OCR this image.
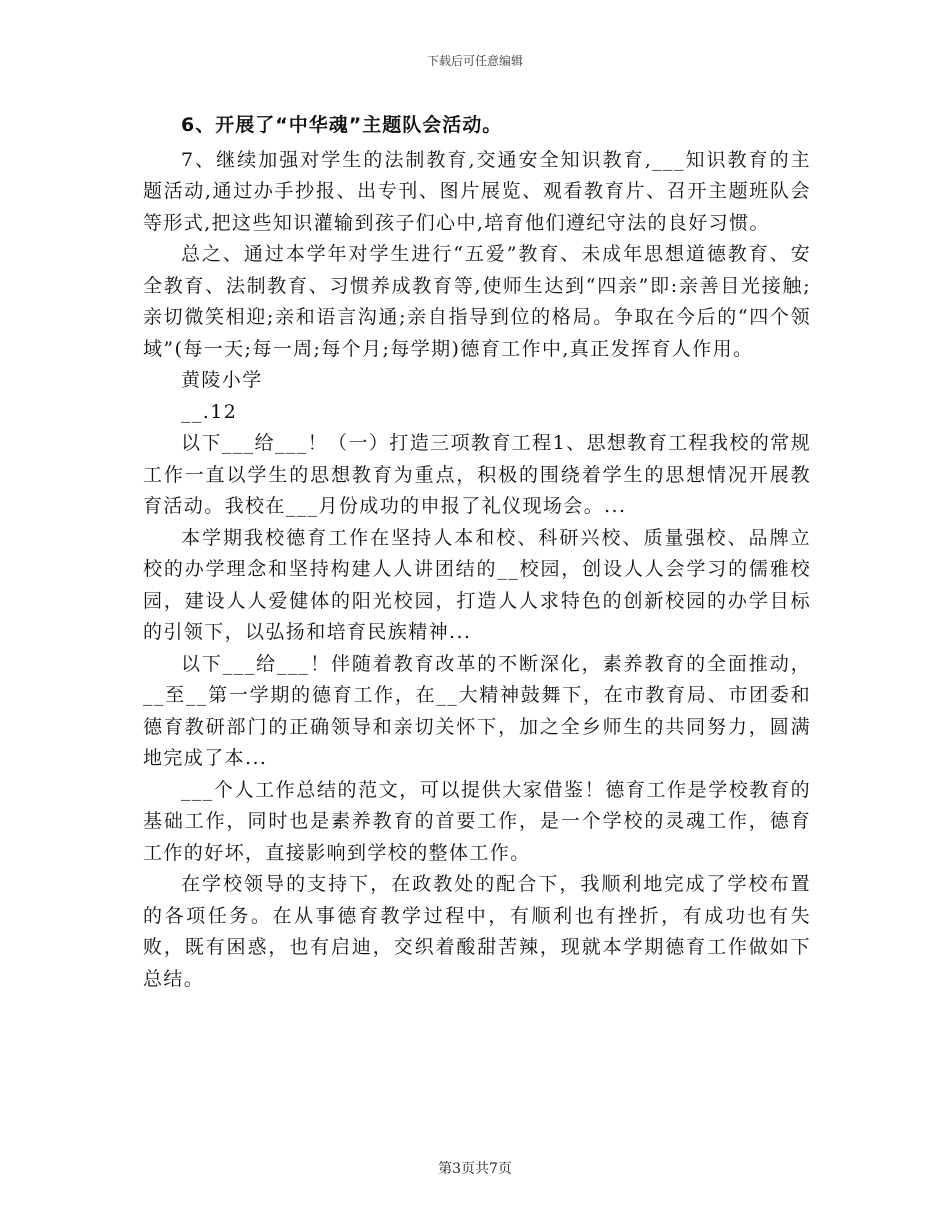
下载后可任意编辑

6、开展了“中华魂”主题队会活动。

7、继续加强对学生的法制教育,交通安全知识教育,___知识教育的主题活动,通过办手抄报、出专刊、图片展览、观看教育片、召开主题班队会等形式,把这些知识灌输到孩子们心中,培育他们遵纪守法的良好习惯。

总之、通过本学年对学生进行“五爱”教育、未成年思想道德教育、安全教育、法制教育、习惯养成教育等,使师生达到“四亲”即:亲善目光接触;亲切微笑相迎;亲和语言沟通;亲自指导到位的格局。争取在今后的“四个领域”(每一天;每一周;每个月;每学期)德育工作中,真正发挥育人作用。

黄陵小学

__.12

以下___给___！（一）打造三项教育工程1、思想教育工程我校的常规工作一直以学生的思想教育为重点，积极的围绕着学生的思想情况开展教育活动。我校在___月份成功的申报了礼仪现场会。...

本学期我校德育工作在坚持人本和校、科研兴校、质量强校、品牌立校的办学理念和坚持构建人人讲团结的__校园，创设人人会学习的儒雅校园，建设人人爱健体的阳光校园，打造人人求特色的创新校园的办学目标的引领下，以弘扬和培育民族精神...

以下___给___！伴随着教育改革的不断深化，素养教育的全面推动，__至__第一学期的德育工作，在__大精神鼓舞下，在市教育局、市团委和德育教研部门的正确领导和亲切关怀下，加之全乡师生的共同努力，圆满地完成了本...

___个人工作总结的范文，可以提供大家借鉴！德育工作是学校教育的基础工作，同时也是素养教育的首要工作，是一个学校的灵魂工作，德育工作的好坏，直接影响到学校的整体工作。

在学校领导的支持下，在政教处的配合下，我顺利地完成了学校布置的各项任务。在从事德育教学过程中，有顺利也有挫折，有成功也有失败，既有困惑，也有启迪，交织着酸甜苦辣，现就本学期德育工作做如下总结。

第3页共7页
